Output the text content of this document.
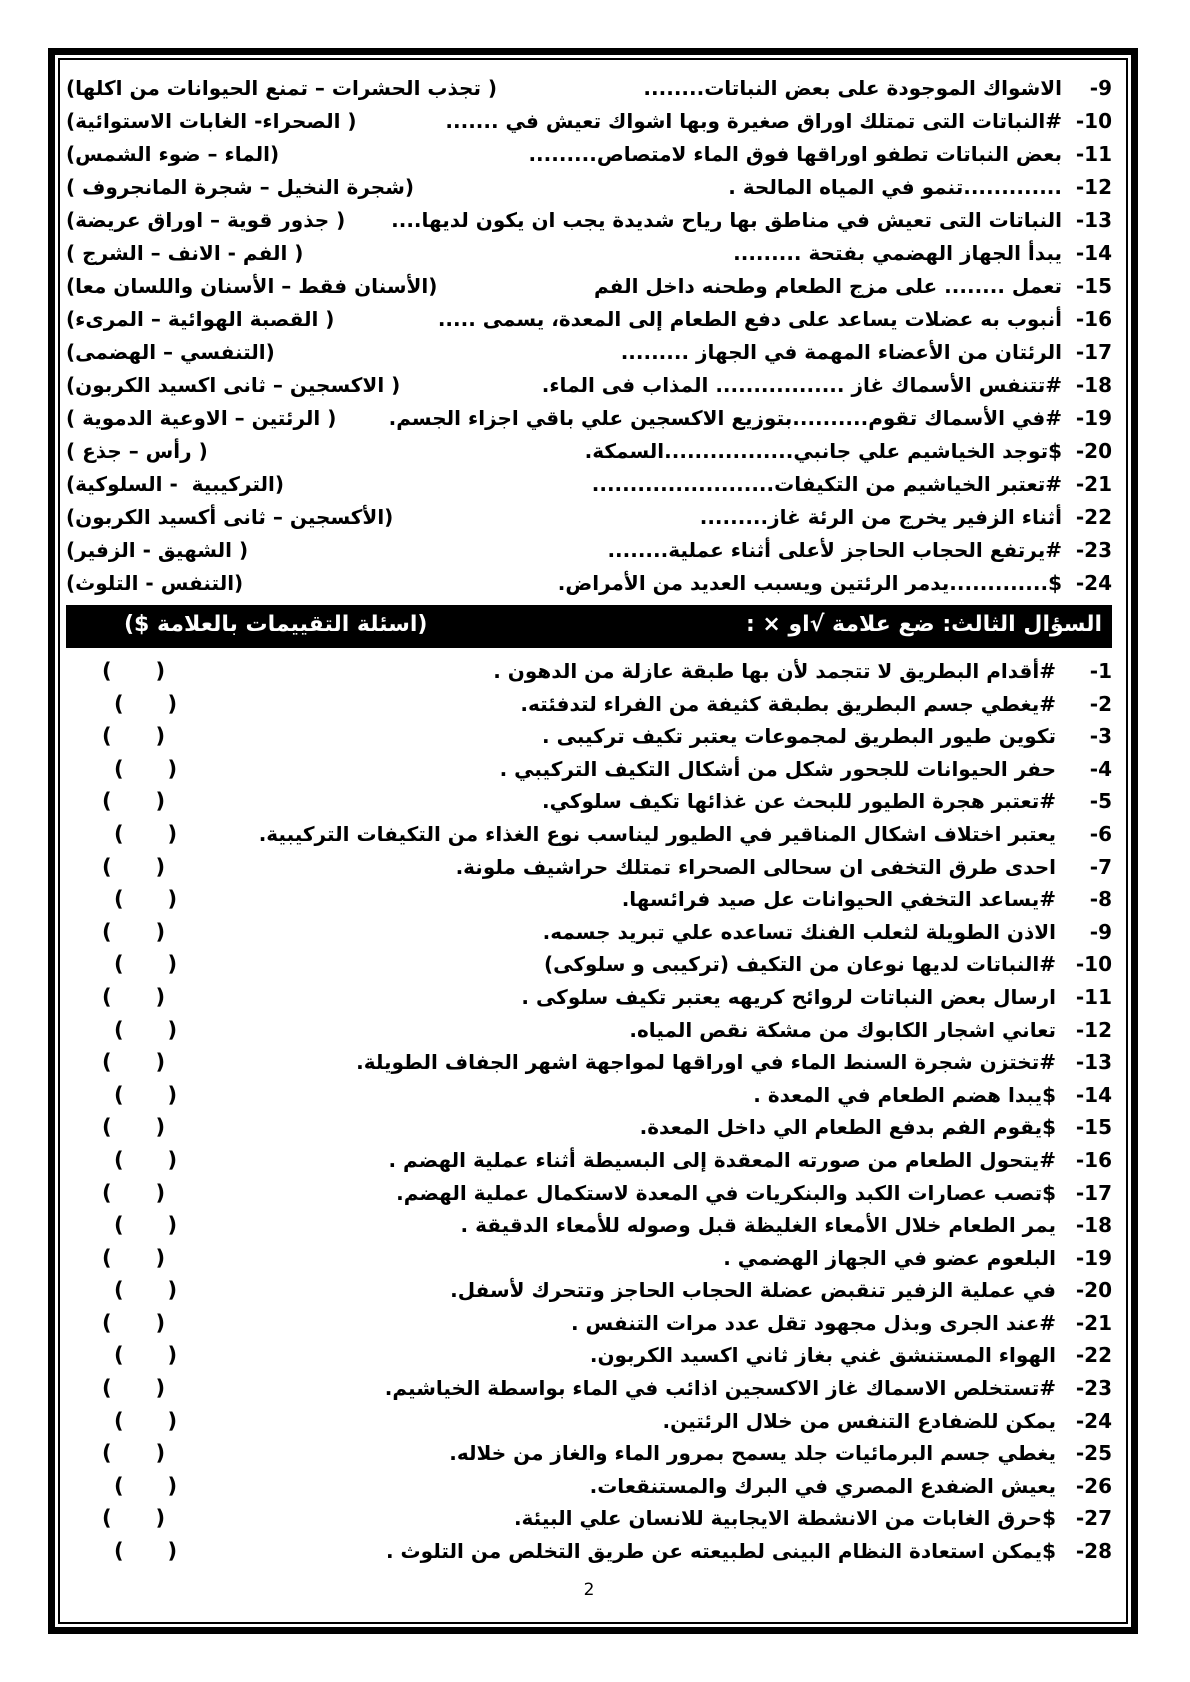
9-
الاشواك الموجودة على بعض النباتات........
( تجذب الحشرات – تمنع الحيوانات من اكلها)
10-
#النباتات التى تمتلك اوراق صغيرة وبها اشواك تعيش في .......
( الصحراء- الغابات الاستوائية)
11-
بعض النباتات تطفو اوراقها فوق الماء لامتصاص.........
(الماء – ضوء الشمس)
12-
.............تنمو في المياه المالحة .
(شجرة النخيل – شجرة المانجروف )
13-
النباتات التى تعيش في مناطق بها رياح شديدة يجب ان يكون لديها....
( جذور قوية – اوراق عريضة)
14-
يبدأ الجهاز الهضمي بفتحة .........
( الفم - الانف – الشرج )
15-
تعمل ........ على مزج الطعام وطحنه داخل الفم
(الأسنان فقط – الأسنان واللسان معا)
16-
أنبوب به عضلات يساعد على دفع الطعام إلى المعدة، يسمى .....
( القصبة الهوائية – المرىء)
17-
الرئتان من الأعضاء المهمة في الجهاز .........
(التنفسي – الهضمى)
18-
#تتنفس الأسماك غاز ................. المذاب فى الماء.
( الاكسجين – ثانى اكسيد الكربون)
19-
#في الأسماك تقوم..........بتوزيع الاكسجين علي باقي اجزاء الجسم.
( الرئتين – الاوعية الدموية )
20-
$توجد الخياشيم علي جانبي.................السمكة.
( رأس – جذع )
21-
#تعتبر الخياشيم من التكيفات........................
(التركيبية  - السلوكية)
22-
أثناء الزفير يخرج من الرئة غاز.........
(الأكسجين – ثانى أكسيد الكربون)
23-
#يرتفع الحجاب الحاجز لأعلى أثناء عملية........
( الشهيق - الزفير)
24-
$.............يدمر الرئتين ويسبب العديد من الأمراض.
(التنفس - التلوث)
السؤال الثالث: ضع علامة √او × :
(اسئلة التقييمات بالعلامة $)
1-
#أقدام البطريق لا تتجمد لأن بها طبقة عازلة من الدهون .
(      )
2-
#يغطي جسم البطريق بطبقة كثيفة من الفراء لتدفئته.
(      )
3-
تكوين طيور البطريق لمجموعات يعتبر تكيف تركيبى .
(      )
4-
حفر الحيوانات للجحور شكل من أشكال التكيف التركيبي .
(      )
5-
#تعتبر هجرة الطيور للبحث عن غذائها تكيف سلوكي.
(      )
6-
يعتبر اختلاف اشكال المناقير في الطيور ليناسب نوع الغذاء من التكيفات التركيبية.
(      )
7-
احدى طرق التخفى ان سحالى الصحراء تمتلك حراشيف ملونة.
(      )
8-
#يساعد التخفي الحيوانات عل صيد فرائسها.
(      )
9-
الاذن الطويلة لثعلب الفنك تساعده علي تبريد جسمه.
(      )
10-
#النباتات لديها نوعان من التكيف (تركيبى و سلوكى)
(      )
11-
ارسال بعض النباتات لروائح كريهه يعتبر تكيف سلوكى .
(      )
12-
تعاني اشجار الكابوك من مشكة نقص المياه.
(      )
13-
#تختزن شجرة السنط الماء في اوراقها لمواجهة اشهر الجفاف الطويلة.
(      )
14-
$يبدا هضم الطعام في المعدة .
(      )
15-
$يقوم الفم بدفع الطعام الي داخل المعدة.
(      )
16-
#يتحول الطعام من صورته المعقدة إلى البسيطة أثناء عملية الهضم .
(      )
17-
$تصب عصارات الكبد والبنكريات في المعدة لاستكمال عملية الهضم.
(      )
18-
يمر الطعام خلال الأمعاء الغليظة قبل وصوله للأمعاء الدقيقة .
(      )
19-
البلعوم عضو في الجهاز الهضمي .
(      )
20-
في عملية الزفير تنقبض عضلة الحجاب الحاجز وتتحرك لأسفل.
(      )
21-
#عند الجرى وبذل مجهود تقل عدد مرات التنفس .
(      )
22-
الهواء المستنشق غني بغاز ثاني اكسيد الكربون.
(      )
23-
#تستخلص الاسماك غاز الاكسجين اذائب في الماء بواسطة الخياشيم.
(      )
24-
يمكن للضفادع التنفس من خلال الرئتين.
(      )
25-
يغطي جسم البرمائيات جلد يسمح بمرور الماء والغاز من خلاله.
(      )
26-
يعيش الضفدع المصري في البرك والمستنقعات.
(      )
27-
$حرق الغابات من الانشطة الايجابية للانسان علي البيئة.
(      )
28-
$يمكن استعادة النظام البينى لطبيعته عن طريق التخلص من التلوث .
(      )
2
